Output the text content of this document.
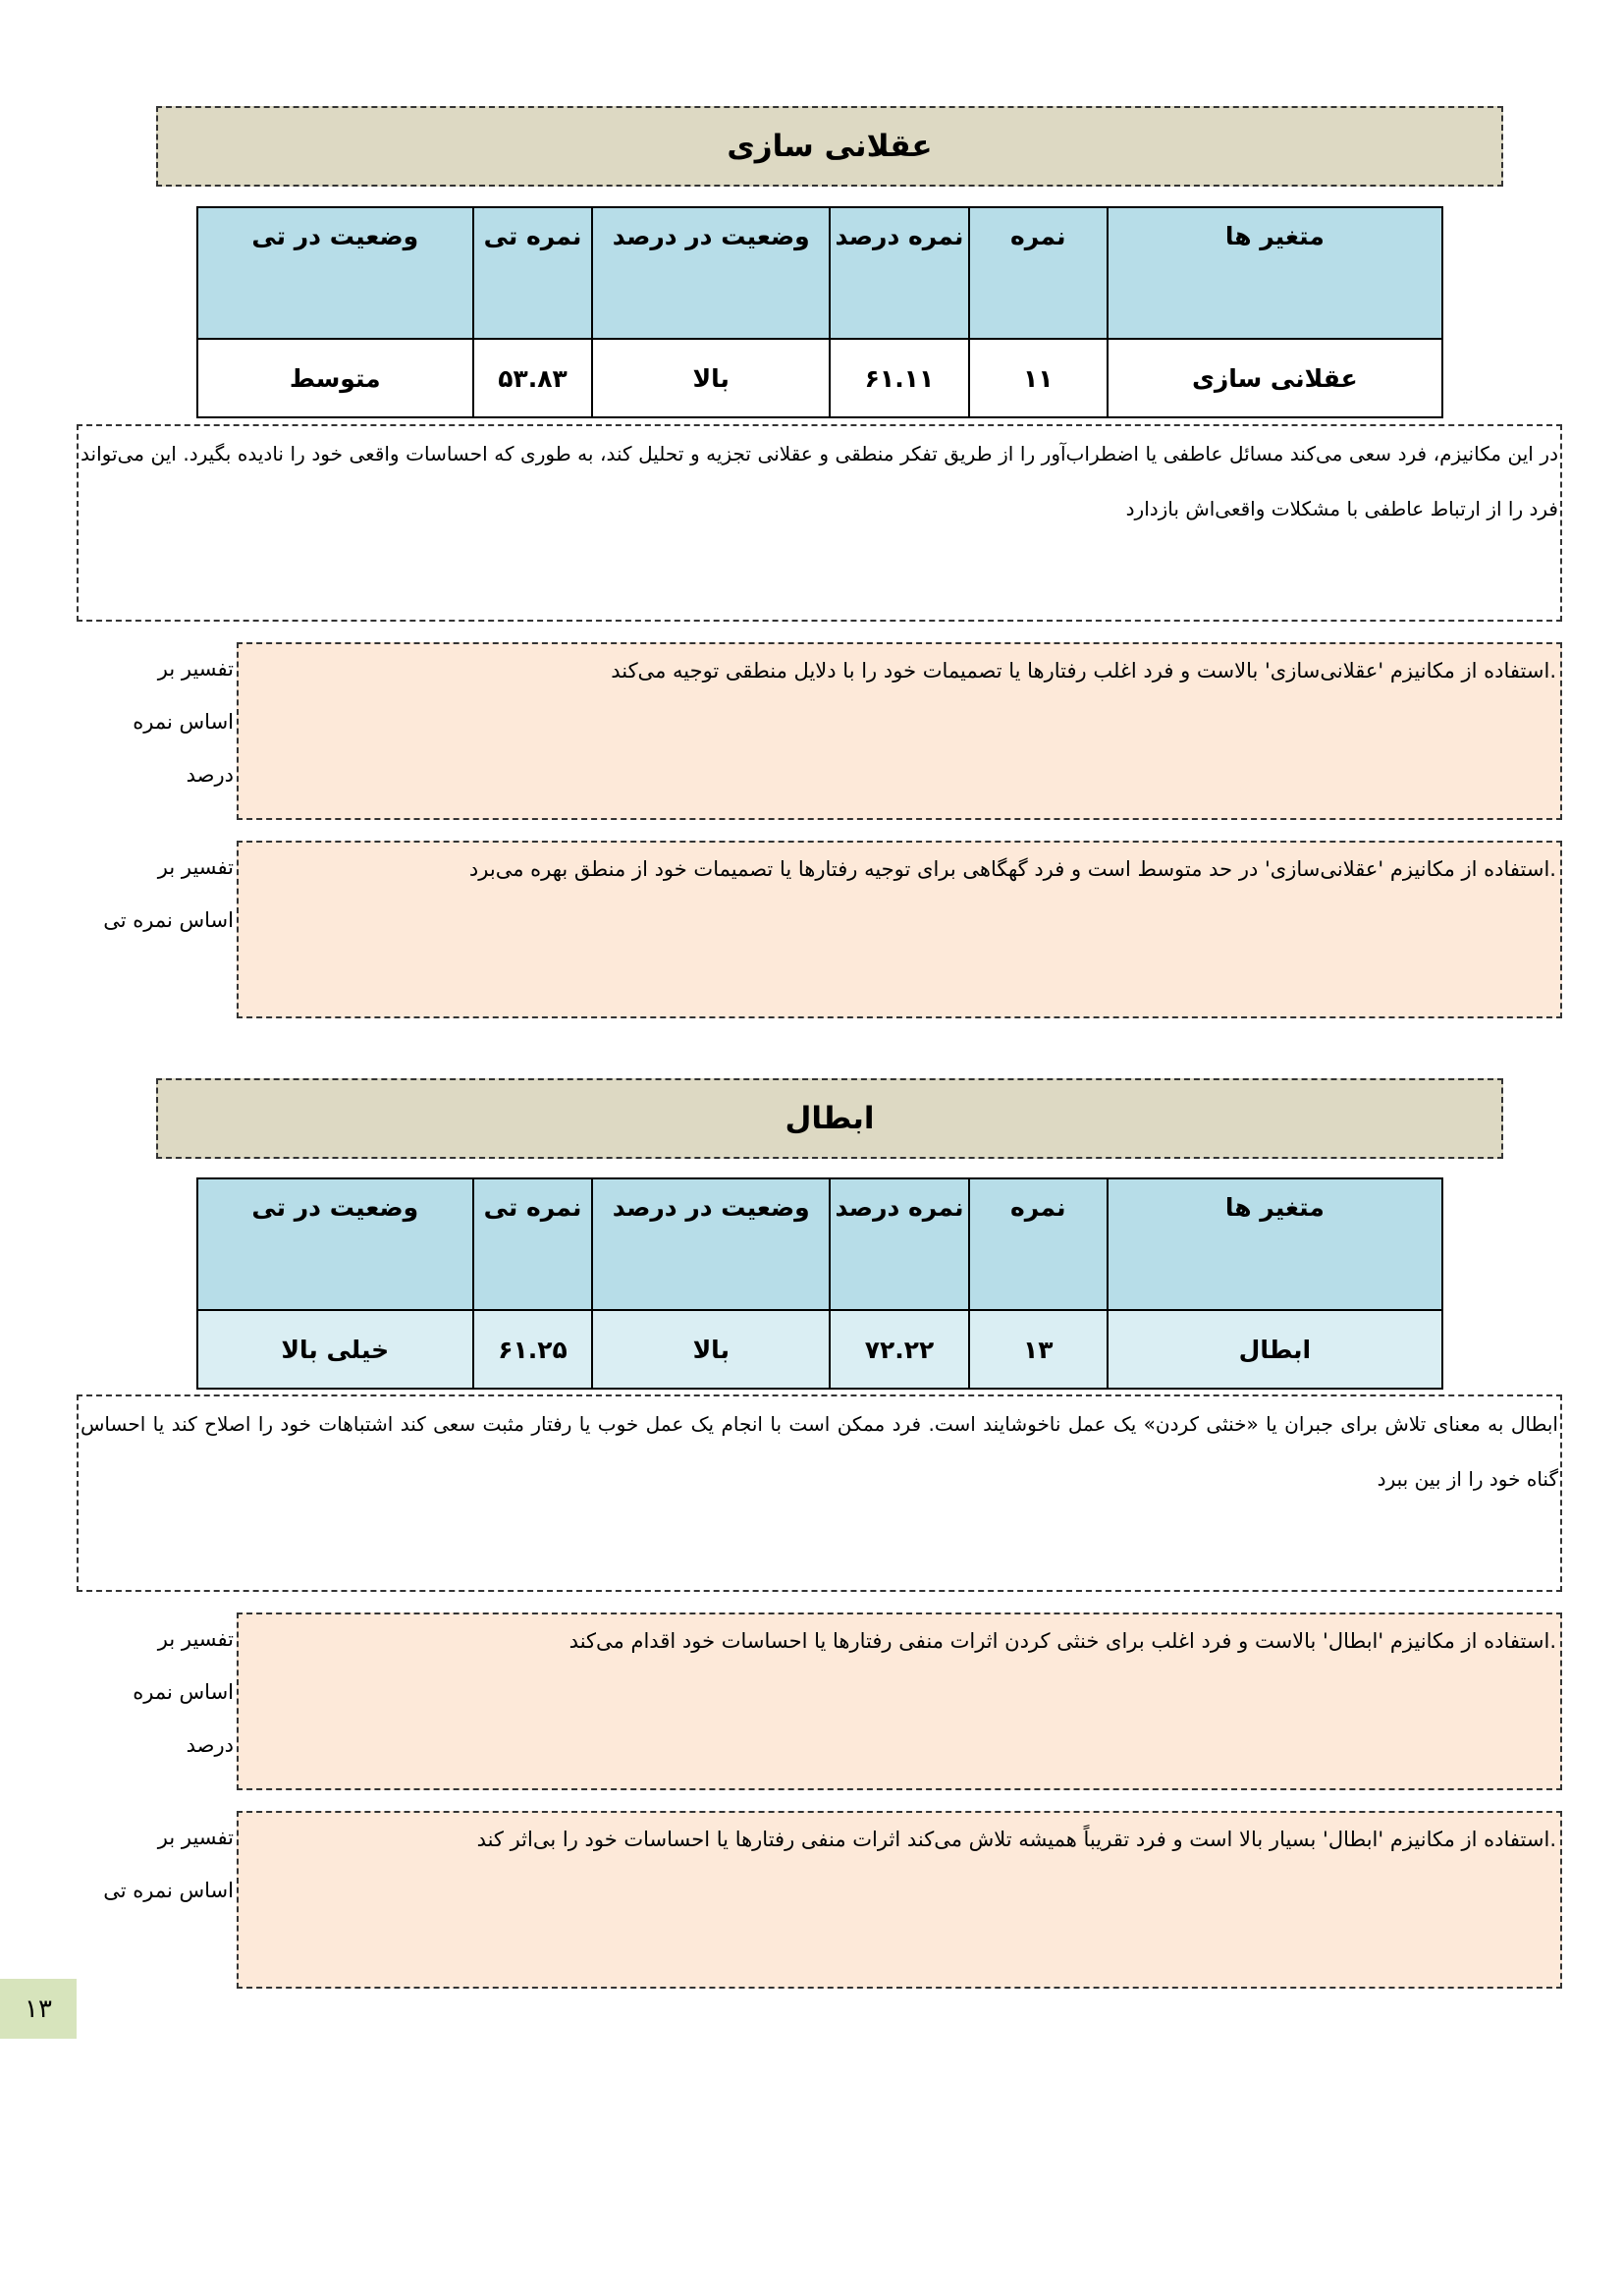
عقلانی سازی
متغیر ها	نمره	نمره درصد	وضعیت در درصد	نمره تی	وضعیت در تی
عقلانی سازی	۱۱	۶۱.۱۱	بالا	۵۳.۸۳	متوسط
در این مکانیزم، فرد سعی می‌کند مسائل عاطفی یا اضطراب‌آور را از طریق تفکر منطقی و عقلانی تجزیه و تحلیل کند، به طوری که احساسات واقعی خود را نادیده بگیرد. این می‌تواند فرد را از ارتباط عاطفی با مشکلات واقعی‌اش بازدارد
تفسیر بر اساس نمره درصد
.استفاده از مکانیزم 'عقلانی‌سازی' بالاست و فرد اغلب رفتارها یا تصمیمات خود را با دلایل منطقی توجیه می‌کند
تفسیر بر اساس نمره تی
.استفاده از مکانیزم 'عقلانی‌سازی' در حد متوسط است و فرد گهگاهی برای توجیه رفتارها یا تصمیمات خود از منطق بهره می‌برد
ابطال
متغیر ها	نمره	نمره درصد	وضعیت در درصد	نمره تی	وضعیت در تی
ابطال	۱۳	۷۲.۲۲	بالا	۶۱.۲۵	خیلی بالا
ابطال به معنای تلاش برای جبران یا «خنثی کردن» یک عمل ناخوشایند است. فرد ممکن است با انجام یک عمل خوب یا رفتار مثبت سعی کند اشتباهات خود را اصلاح کند یا احساس گناه خود را از بین ببرد
تفسیر بر اساس نمره درصد
.استفاده از مکانیزم 'ابطال' بالاست و فرد اغلب برای خنثی کردن اثرات منفی رفتارها یا احساسات خود اقدام می‌کند
تفسیر بر اساس نمره تی
.استفاده از مکانیزم 'ابطال' بسیار بالا است و فرد تقریباً همیشه تلاش می‌کند اثرات منفی رفتارها یا احساسات خود را بی‌اثر کند
۱۳
